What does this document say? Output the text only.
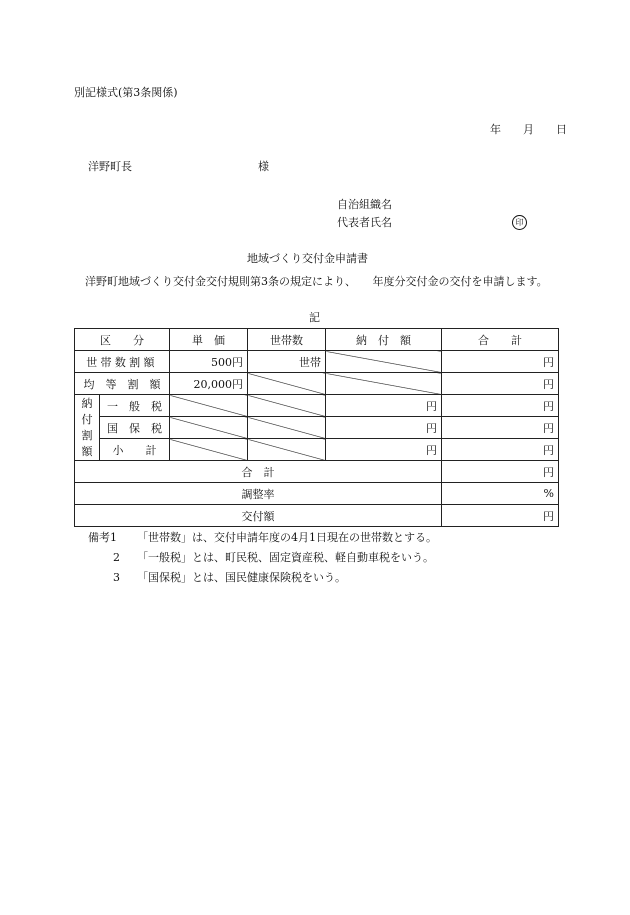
別記様式(第3条関係)
年　月　日
洋野町長	様
自治組織名
代表者氏名	印
地域づくり交付金申請書
洋野町地域づくり交付金交付規則第3条の規定により、　　年度分交付金の交付を申請します。
記
区　　分		単　価	世帯数	納　付　額	合　　計
世帯数割額		500円	世帯		円
均　等　割　額		20,000円			円

納
付
割
額	一　般　税			円	円
	国　保　税			円	円
	小　　計			円	円
合　計					円
調整率					%
交付額					円
備考1 「世帯数」は、交付申請年度の4月1日現在の世帯数とする。
2 「一般税」とは、町民税、固定資産税、軽自動車税をいう。
3 「国保税」とは、国民健康保険税をいう。
